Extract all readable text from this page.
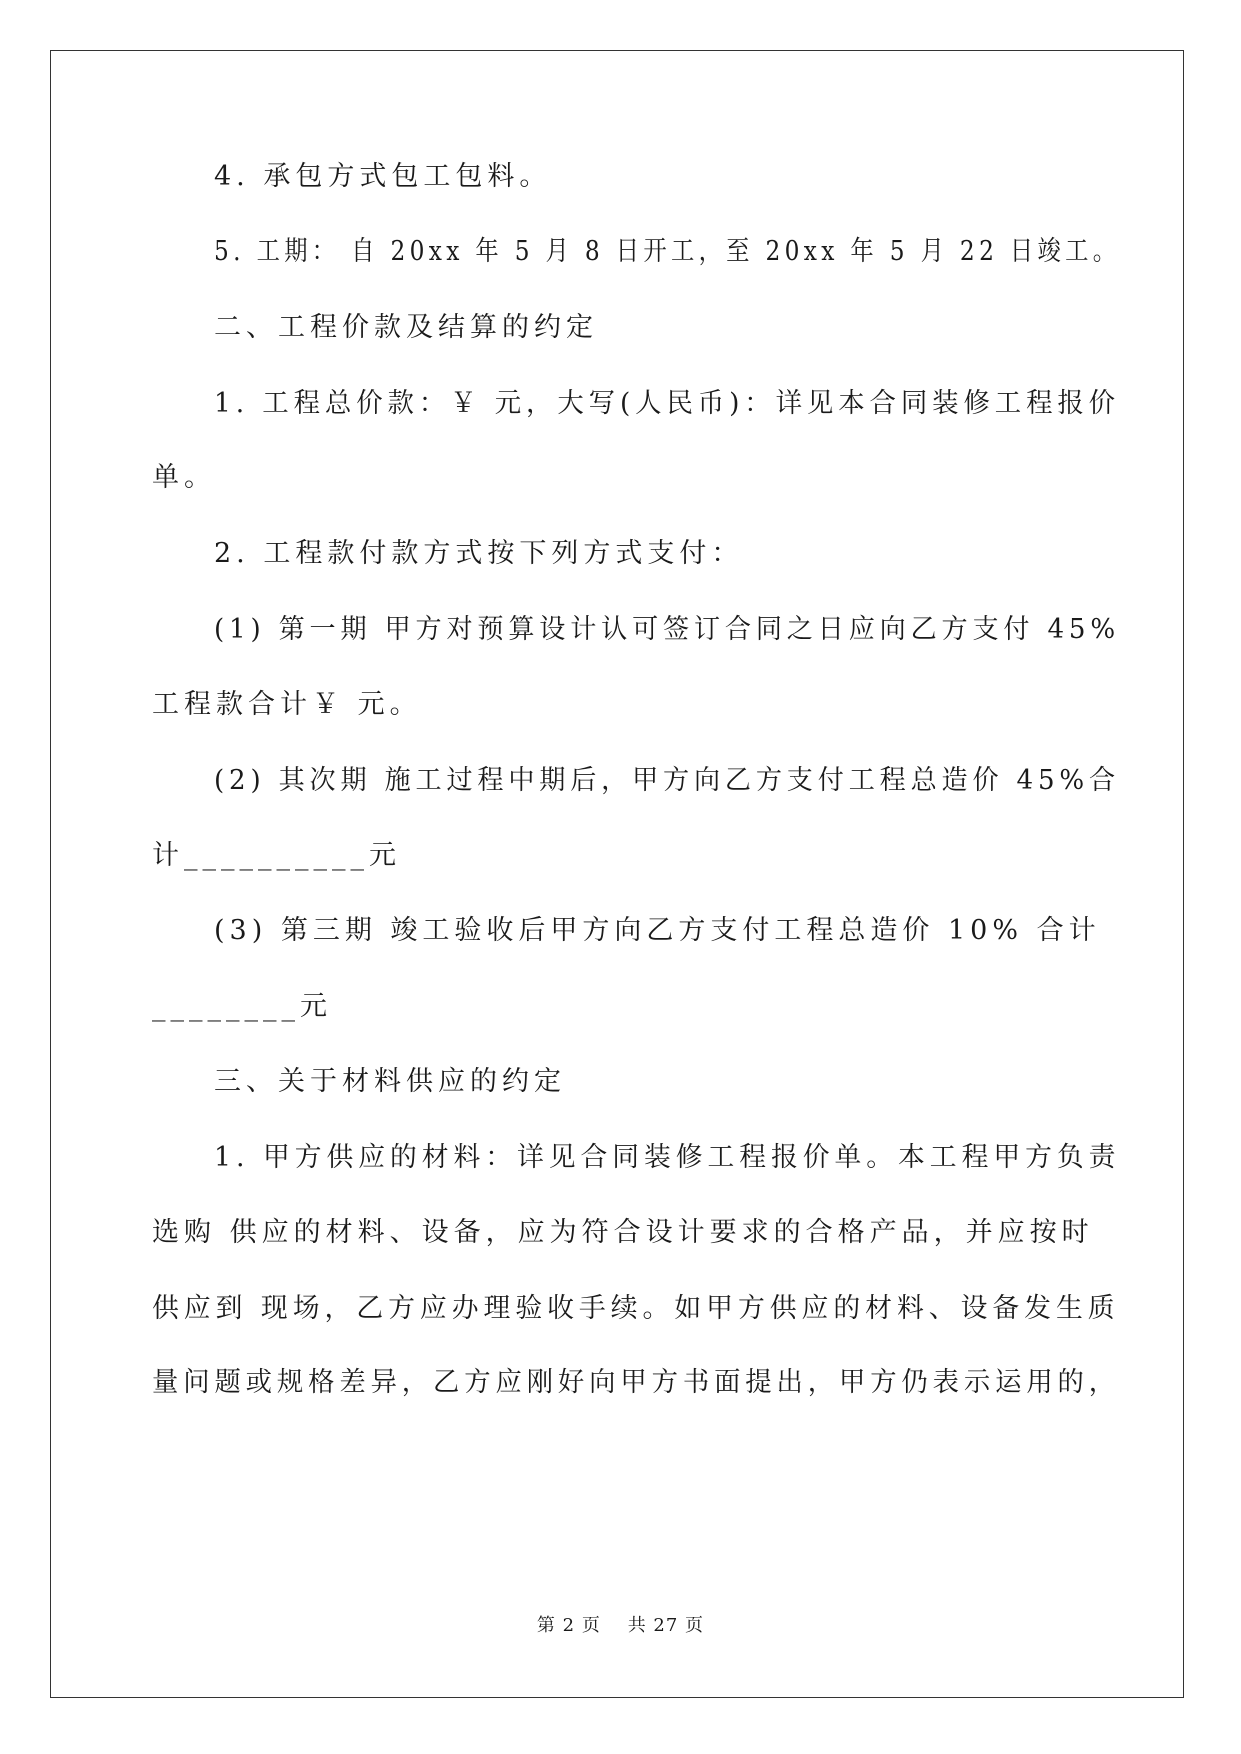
4. 承包方式包工包料。
5. 工期： 自 20xx 年 5 月 8 日开工，至 20xx 年 5 月 22 日竣工。
二、工程价款及结算的约定
1. 工程总价款：￥ 元，大写(人民币)：详见本合同装修工程报价
单。
2. 工程款付款方式按下列方式支付：
(1) 第一期 甲方对预算设计认可签订合同之日应向乙方支付 45%
工程款合计￥ 元。
(2) 其次期 施工过程中期后，甲方向乙方支付工程总造价 45%合
计__________元
(3) 第三期 竣工验收后甲方向乙方支付工程总造价 10% 合计
________元
三、关于材料供应的约定
1. 甲方供应的材料：详见合同装修工程报价单。本工程甲方负责
选购 供应的材料、设备，应为符合设计要求的合格产品，并应按时
供应到 现场，乙方应办理验收手续。如甲方供应的材料、设备发生质
量问题或规格差异，乙方应刚好向甲方书面提出，甲方仍表示运用的，
第 2 页    共 27 页
